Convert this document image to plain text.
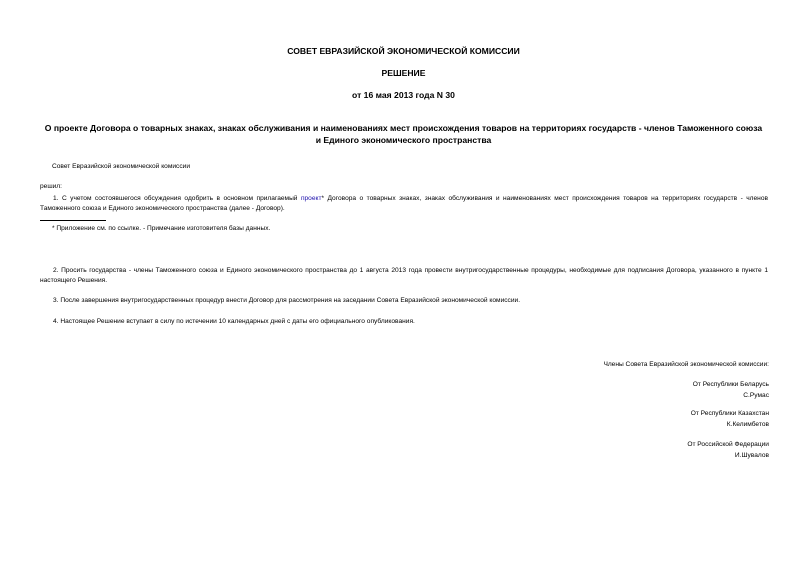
СОВЕТ ЕВРАЗИЙСКОЙ ЭКОНОМИЧЕСКОЙ КОМИССИИ
РЕШЕНИЕ
от 16 мая 2013 года N 30
О проекте Договора о товарных знаках, знаках обслуживания и наименованиях мест происхождения товаров на территориях государств - членов Таможенного союза и Единого экономического пространства
Совет Евразийской экономической комиссии
решил:
1. С учетом состоявшегося обсуждения одобрить в основном прилагаемый проект* Договора о товарных знаках, знаках обслуживания и наименованиях мест происхождения товаров на территориях государств - членов Таможенного союза и Единого экономического пространства (далее - Договор).
* Приложение см. по ссылке. - Примечание изготовителя базы данных.
2. Просить государства - члены Таможенного союза и Единого экономического пространства до 1 августа 2013 года провести внутригосударственные процедуры, необходимые для подписания Договора, указанного в пункте 1 настоящего Решения.
3. После завершения внутригосударственных процедур внести Договор для рассмотрения на заседании Совета Евразийской экономической комиссии.
4. Настоящее Решение вступает в силу по истечении 10 календарных дней с даты его официального опубликования.
Члены Совета Евразийской экономической комиссии:
От Республики Беларусь
С.Румас
От Республики Казахстан
К.Келимбетов
От Российской Федерации
И.Шувалов
